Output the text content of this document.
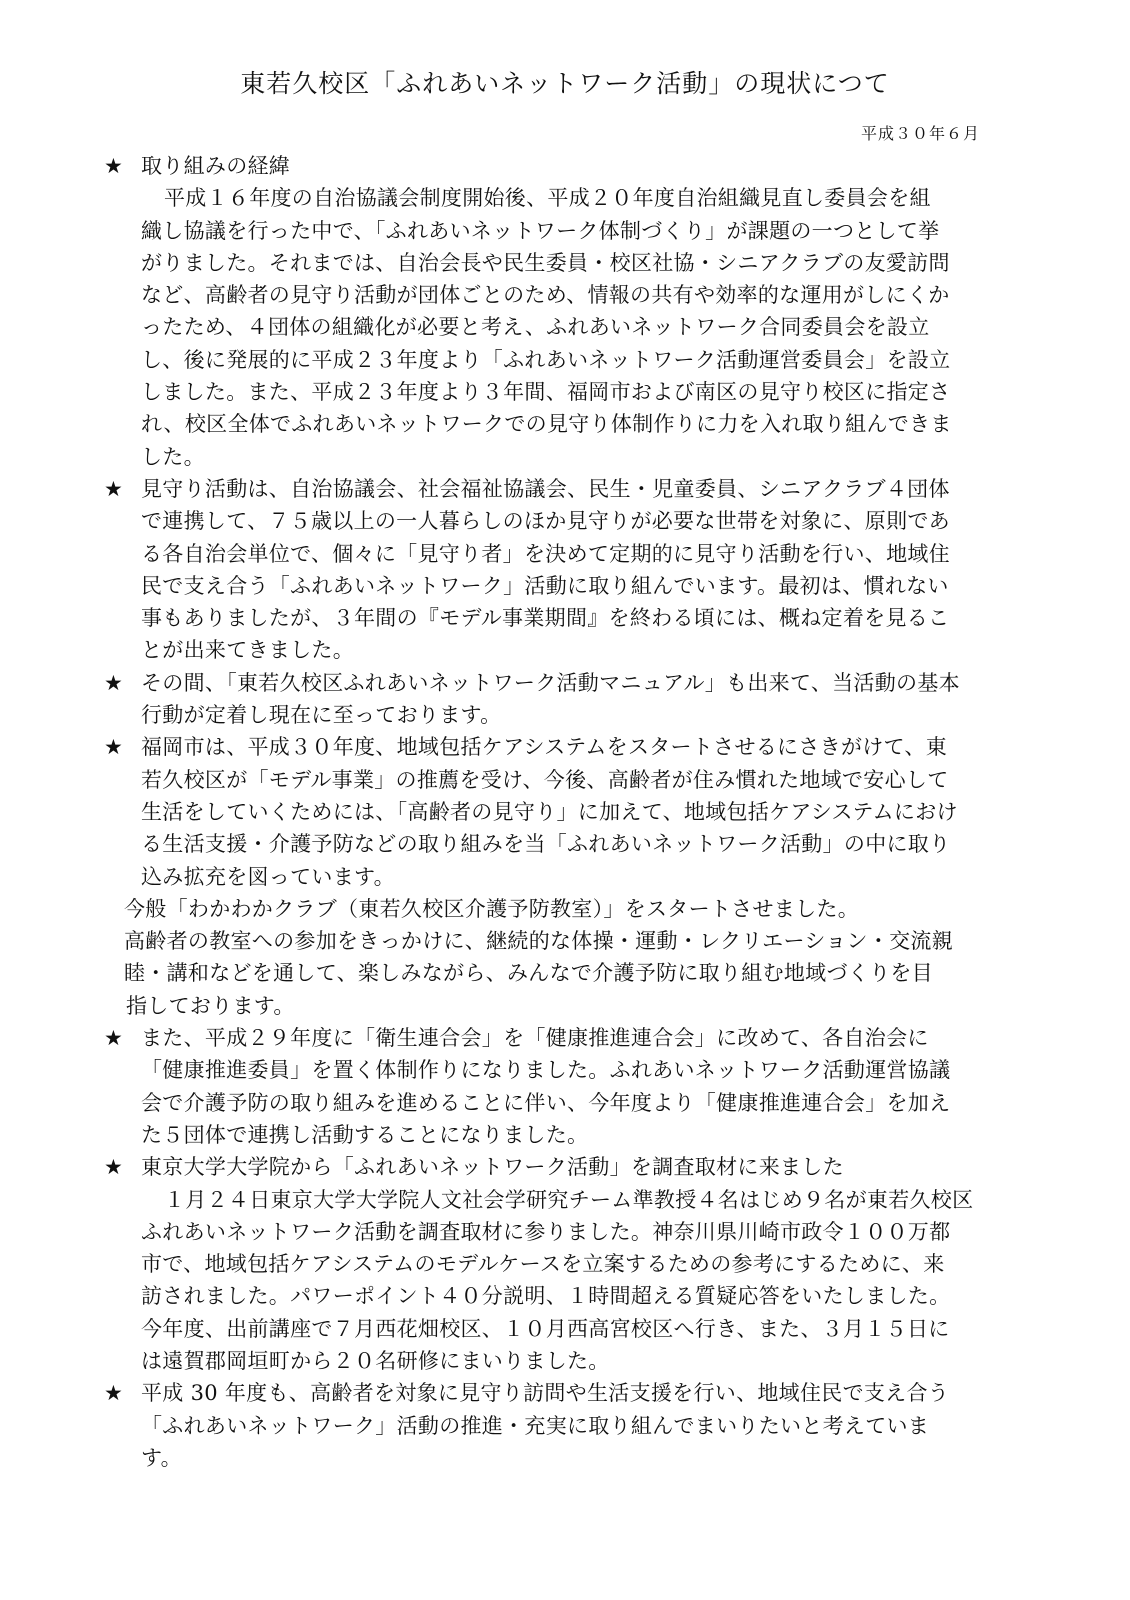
東若久校区「ふれあいネットワーク活動」の現状につて
平成３０年６月
★ 取り組みの経緯
平成１６年度の自治協議会制度開始後、平成２０年度自治組織見直し委員会を組
織し協議を行った中で、「ふれあいネットワーク体制づくり」が課題の一つとして挙
がりました。それまでは、自治会長や民生委員・校区社協・シニアクラブの友愛訪問
など、高齢者の見守り活動が団体ごとのため、情報の共有や効率的な運用がしにくか
ったため、４団体の組織化が必要と考え、ふれあいネットワーク合同委員会を設立
し、後に発展的に平成２３年度より「ふれあいネットワーク活動運営委員会」を設立
しました。また、平成２３年度より３年間、福岡市および南区の見守り校区に指定さ
れ、校区全体でふれあいネットワークでの見守り体制作りに力を入れ取り組んできま
した。
★ 見守り活動は、自治協議会、社会福祉協議会、民生・児童委員、シニアクラブ４団体
で連携して、７５歳以上の一人暮らしのほか見守りが必要な世帯を対象に、原則であ
る各自治会単位で、個々に「見守り者」を決めて定期的に見守り活動を行い、地域住
民で支え合う「ふれあいネットワーク」活動に取り組んでいます。最初は、慣れない
事もありましたが、３年間の『モデル事業期間』を終わる頃には、概ね定着を見るこ
とが出来てきました。
★ その間、「東若久校区ふれあいネットワーク活動マニュアル」も出来て、当活動の基本
行動が定着し現在に至っております。
★ 福岡市は、平成３０年度、地域包括ケアシステムをスタートさせるにさきがけて、東
若久校区が「モデル事業」の推薦を受け、今後、高齢者が住み慣れた地域で安心して
生活をしていくためには、「高齢者の見守り」に加えて、地域包括ケアシステムにおけ
る生活支援・介護予防などの取り組みを当「ふれあいネットワーク活動」の中に取り
込み拡充を図っています。
今般「わかわかクラブ（東若久校区介護予防教室）」をスタートさせました。
高齢者の教室への参加をきっかけに、継続的な体操・運動・レクリエーション・交流親
睦・講和などを通して、楽しみながら、みんなで介護予防に取り組む地域づくりを目
指しております。
★ また、平成２９年度に「衛生連合会」を「健康推進連合会」に改めて、各自治会に
「健康推進委員」を置く体制作りになりました。ふれあいネットワーク活動運営協議
会で介護予防の取り組みを進めることに伴い、今年度より「健康推進連合会」を加え
た５団体で連携し活動することになりました。
★ 東京大学大学院から「ふれあいネットワーク活動」を調査取材に来ました
１月２４日東京大学大学院人文社会学研究チーム準教授４名はじめ９名が東若久校区
ふれあいネットワーク活動を調査取材に参りました。神奈川県川崎市政令１００万都
市で、地域包括ケアシステムのモデルケースを立案するための参考にするために、来
訪されました。パワーポイント４０分説明、１時間超える質疑応答をいたしました。
今年度、出前講座で７月西花畑校区、１０月西高宮校区へ行き、また、３月１５日に
は遠賀郡岡垣町から２０名研修にまいりました。
★ 平成 30 年度も、高齢者を対象に見守り訪問や生活支援を行い、地域住民で支え合う
「ふれあいネットワーク」活動の推進・充実に取り組んでまいりたいと考えていま
す。
